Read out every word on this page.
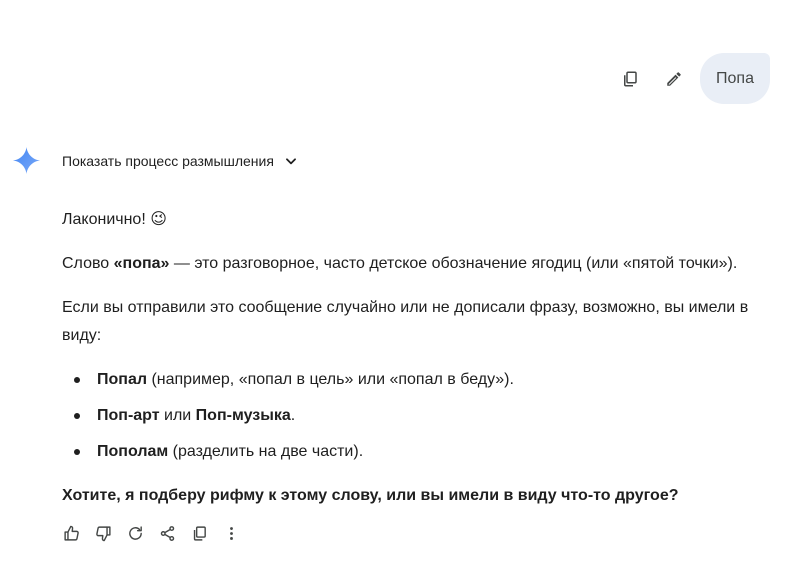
Попа
Показать процесс размышления

Лаконично! 😉

Слово «попа» — это разговорное, часто детское обозначение ягодиц (или «пятой точки»).

Если вы отправили это сообщение случайно или не дописали фразу, возможно, вы имели в виду:

Попал (например, «попал в цель» или «попал в беду»).
Поп-арт или Поп-музыка.
Пополам (разделить на две части).

Хотите, я подберу рифму к этому слову, или вы имели в виду что-то другое?
